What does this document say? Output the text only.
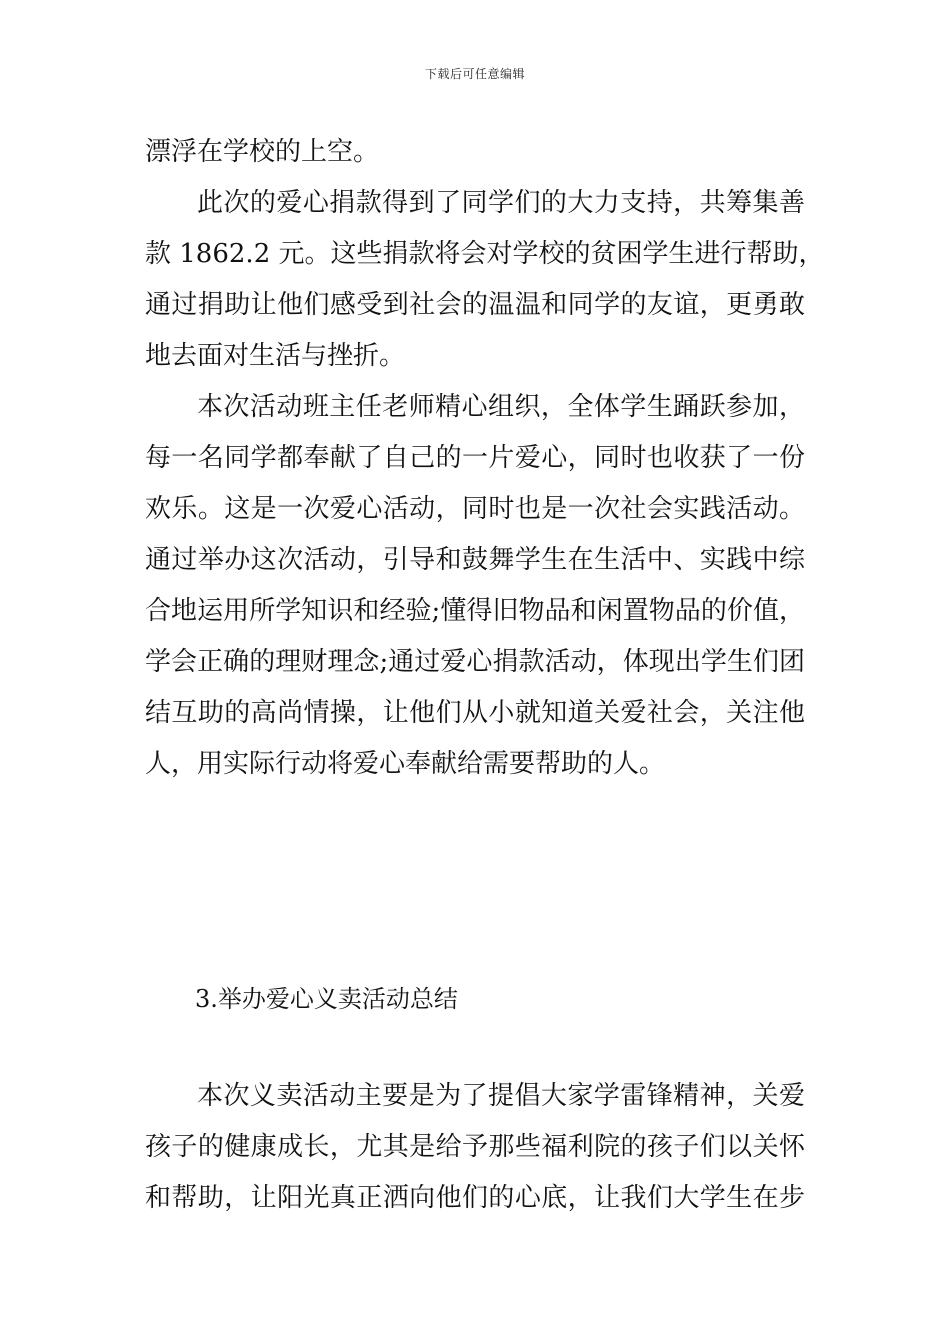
下载后可任意编辑
漂浮在学校的上空。
此次的爱心捐款得到了同学们的大力支持，共筹集善
款 1862.2 元。这些捐款将会对学校的贫困学生进行帮助，
通过捐助让他们感受到社会的温温和同学的友谊，更勇敢
地去面对生活与挫折。
本次活动班主任老师精心组织，全体学生踊跃参加，
每一名同学都奉献了自己的一片爱心，同时也收获了一份
欢乐。这是一次爱心活动，同时也是一次社会实践活动。
通过举办这次活动，引导和鼓舞学生在生活中、实践中综
合地运用所学知识和经验;懂得旧物品和闲置物品的价值，
学会正确的理财理念;通过爱心捐款活动，体现出学生们团
结互助的高尚情操，让他们从小就知道关爱社会，关注他
人，用实际行动将爱心奉献给需要帮助的人。
3.举办爱心义卖活动总结
本次义卖活动主要是为了提倡大家学雷锋精神，关爱
孩子的健康成长，尤其是给予那些福利院的孩子们以关怀
和帮助，让阳光真正洒向他们的心底，让我们大学生在步
